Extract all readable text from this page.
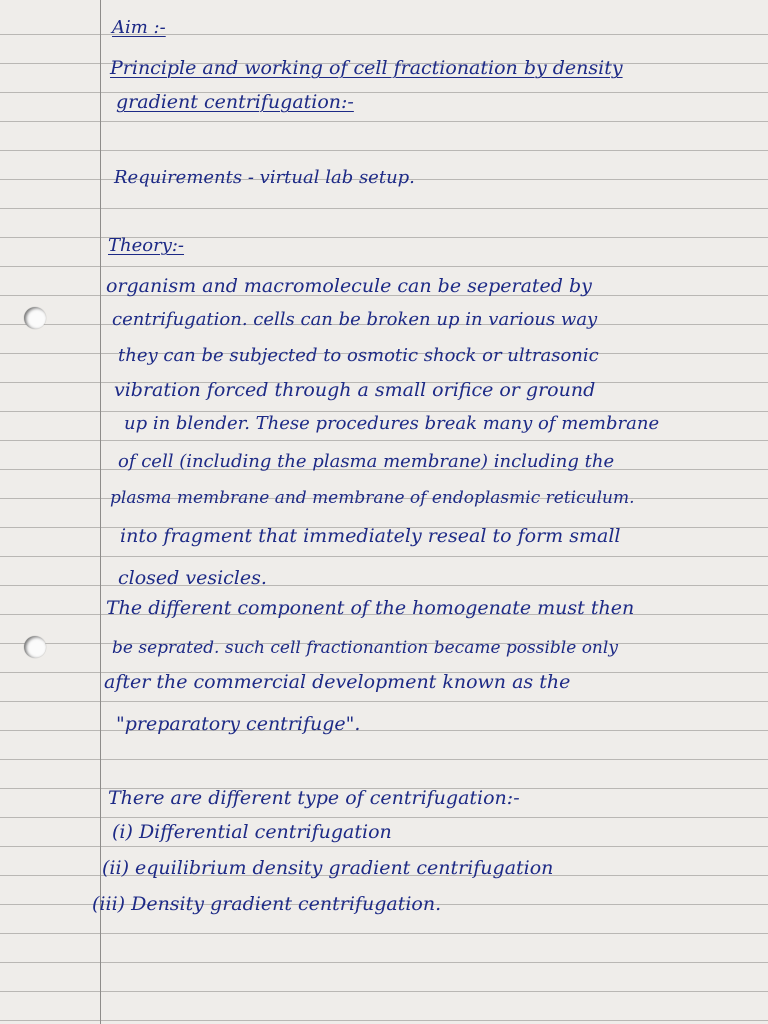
Aim :-
Principle and working of cell fractionation by density
gradient centrifugation:-
Requirements - virtual lab setup.
Theory:-
organism and macromolecule can be seperated by
centrifugation. cells can be broken up in various way
they can be subjected to osmotic shock or ultrasonic
vibration forced through a small orifice or ground
up in blender. These procedures break many of membrane
of cell (including the plasma membrane) including the
plasma membrane and membrane of endoplasmic reticulum.
into fragment that immediately reseal to form small
closed vesicles.
The different component of the homogenate must then
be seprated. such cell fractionantion became possible only
after the commercial development known as the
"preparatory centrifuge".
There are different type of centrifugation:-
(i) Differential centrifugation
(ii) equilibrium density gradient centrifugation
(iii) Density gradient centrifugation.
